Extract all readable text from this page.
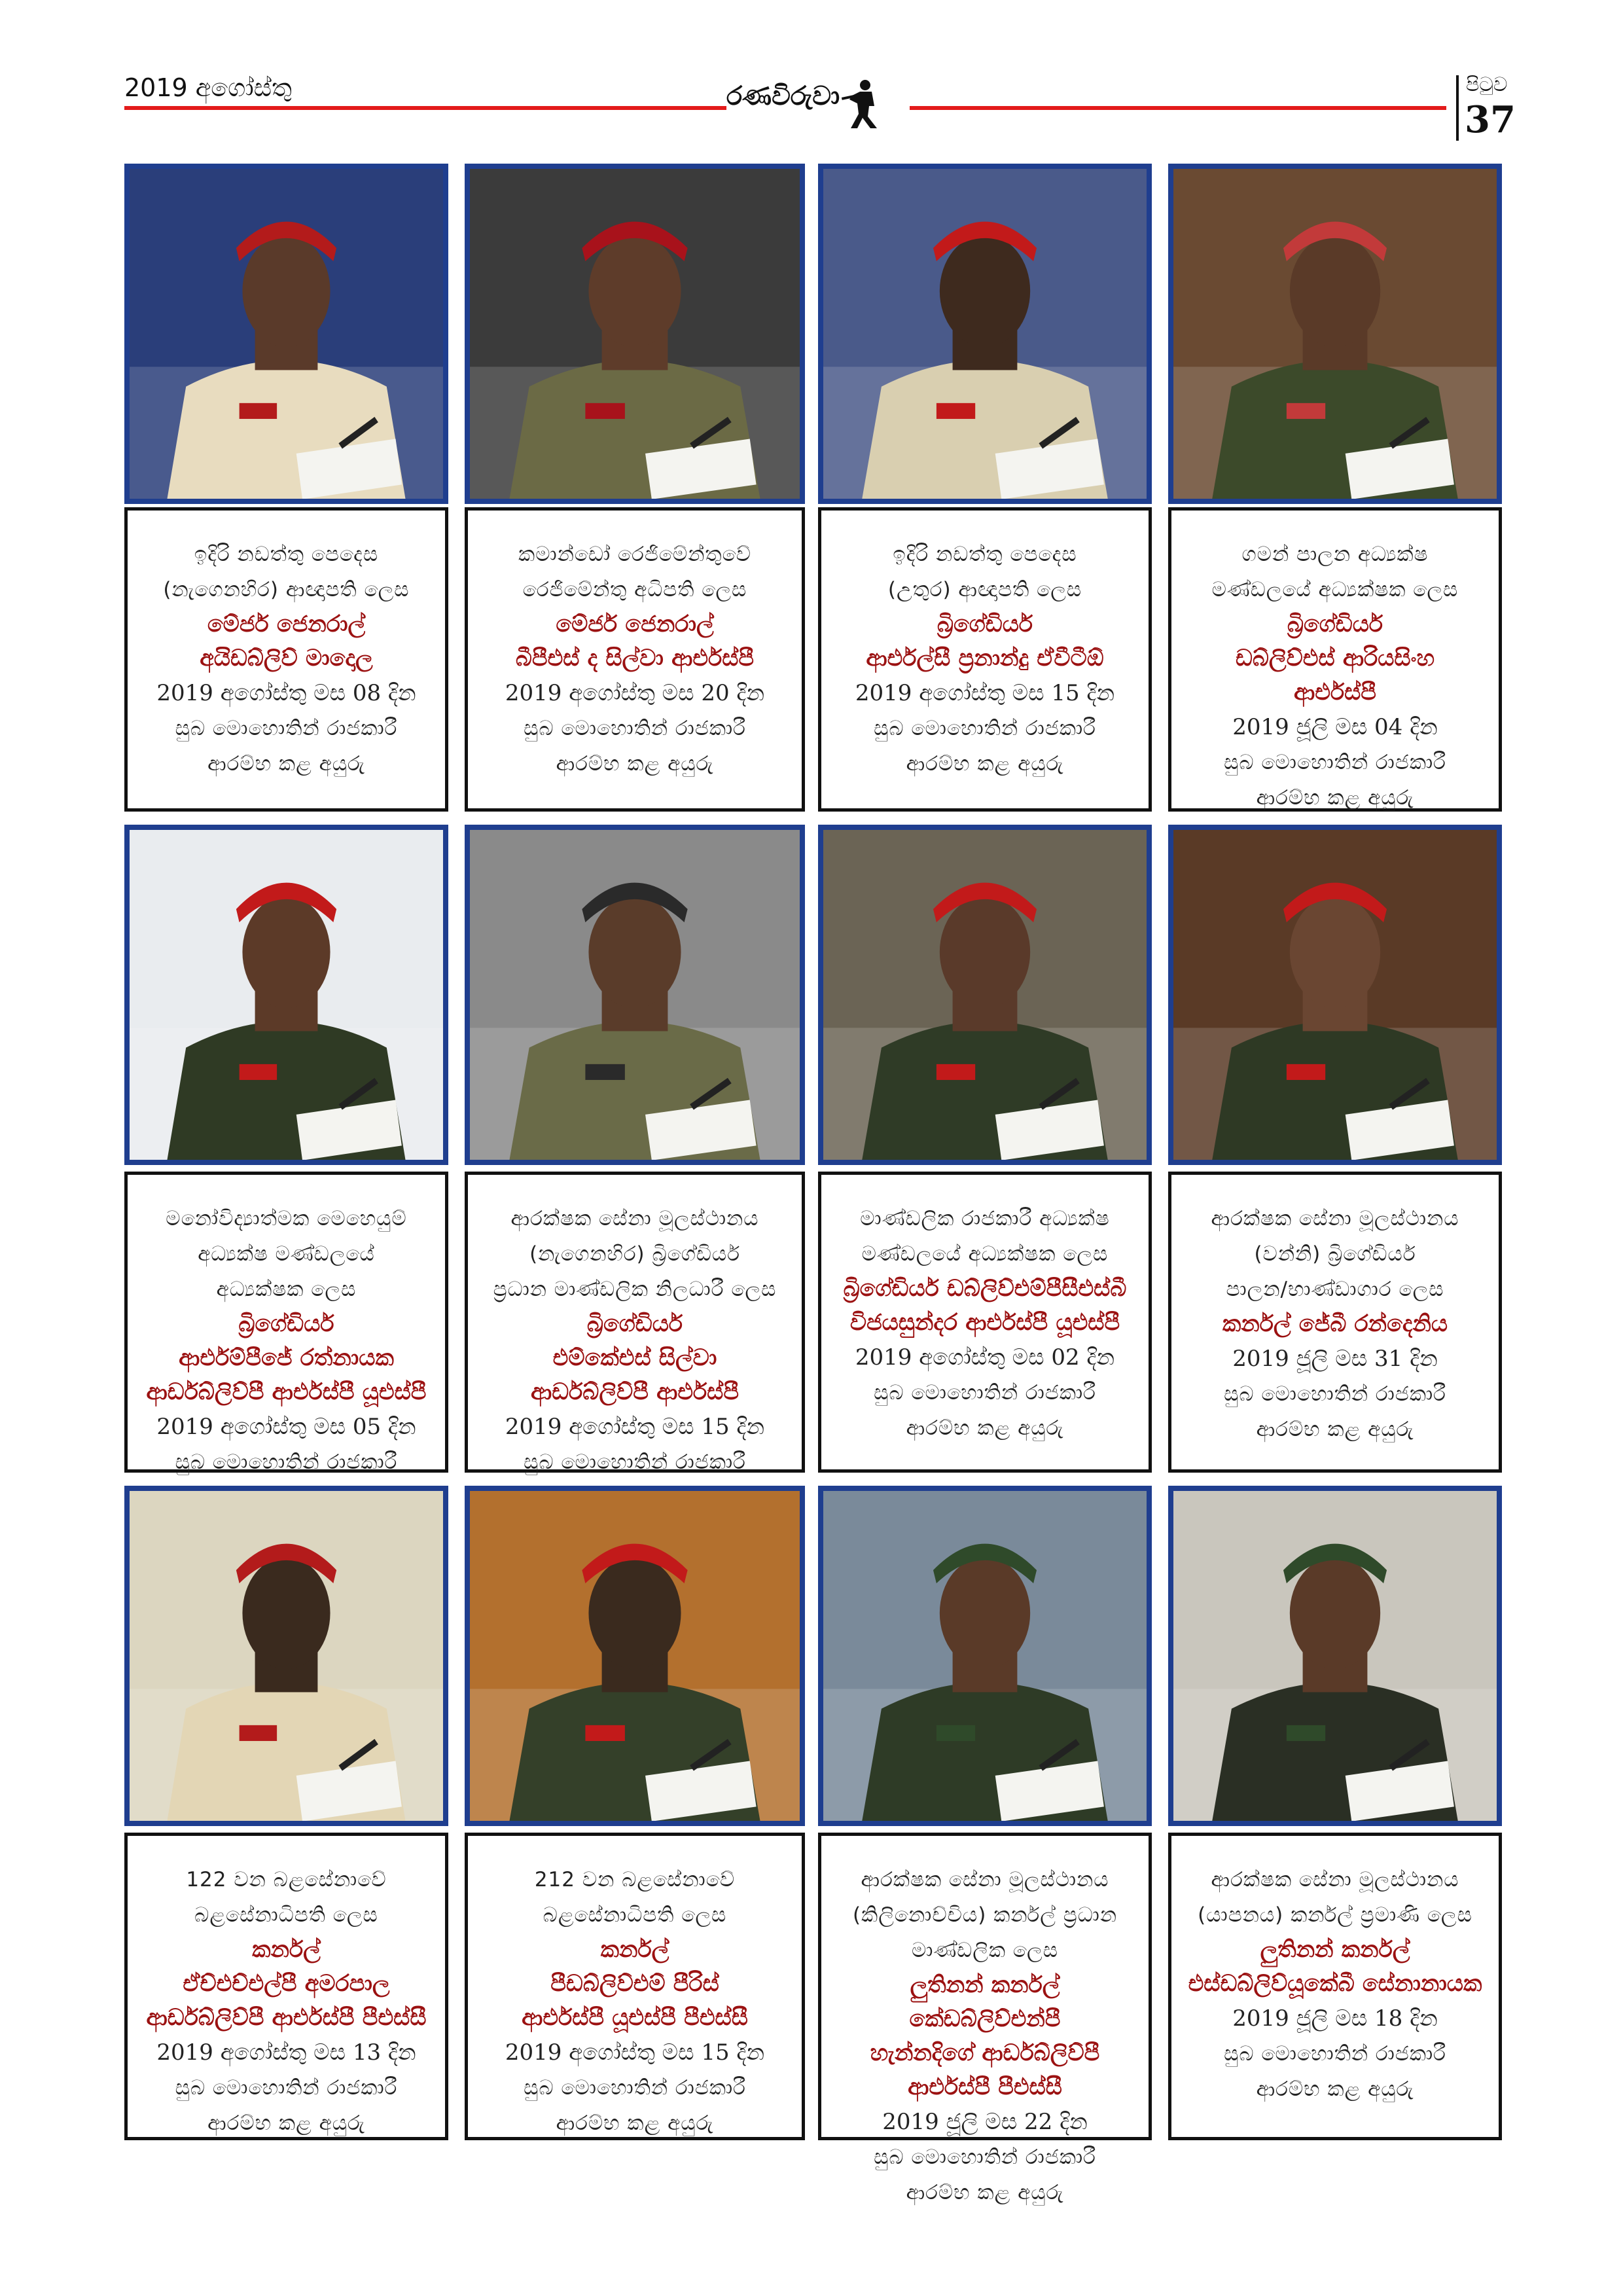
2019 අගෝස්තු	රණවිරුවා	පිටුව
37
ඉදිරි නඩත්තු පෙදෙස
(නැගෙනහිර) ආඥාපති ලෙස
මේජර් ජෙනරාල්
අයිඩබ්ලිව් මාදොල
2019 අගෝස්තු මස 08 දින
සුබ මොහොතින් රාජකාරී
ආරම්භ කළ අයුරු
කමාන්ඩෝ රෙජිමේන්තුවේ
රෙජිමේන්තු අධිපති ලෙස
මේජර් ජෙනරාල්
බීපීඑස් ද සිල්වා ආර්එස්පී
2019 අගෝස්තු මස 20 දින
සුබ මොහොතින් රාජකාරී
ආරම්භ කළ අයුරු
ඉදිරි නඩත්තු පෙදෙස
(උතුර) ආඥාපති ලෙස
බ්‍රිගේඩියර්
ආර්එල්සී ප්‍රනාන්දු ඒවීටීඕ
2019 අගෝස්තු මස 15 දින
සුබ මොහොතින් රාජකාරී
ආරම්භ කළ අයුරු
ගමන් පාලන අධ්‍යක්ෂ
මණ්ඩලයේ අධ්‍යක්ෂක ලෙස
බ්‍රිගේඩියර්
ඩබ්ලිව්එස් ආරියසිංහ
ආර්එස්පී
2019 ජූලි මස 04 දින
සුබ මොහොතින් රාජකාරී
ආරම්භ කළ අයුරු
මනෝවිද්‍යාත්මක මෙහෙයුම්
අධ්‍යක්ෂ මණ්ඩලයේ
අධ්‍යක්ෂක ලෙස
බ්‍රිගේඩියර්
ආර්එම්පීජේ රත්නායක
ආර්ඩබ්ලිව්පී ආර්එස්පී යූඑස්පී
2019 අගෝස්තු මස 05 දින
සුබ මොහොතින් රාජකාරී
ආරක්ෂක සේනා මූලස්ථානය
(නැගෙනහිර) බ්‍රිගේඩියර්
ප්‍රධාන මාණ්ඩලික නිලධාරී ලෙස
බ්‍රිගේඩියර්
එම්කේඑස් සිල්වා
ආර්ඩබ්ලිව්පී ආර්එස්පී
2019 අගෝස්තු මස 15 දින
සුබ මොහොතින් රාජකාරී
මාණ්ඩලික රාජකාරී අධ්‍යක්ෂ
මණ්ඩලයේ අධ්‍යක්ෂක ලෙස
බ්‍රිගේඩියර් ඩබ්ලිව්එම්පීසීඑස්බී
විජයසුන්දර ආර්එස්පී යූඑස්පී
2019 අගෝස්තු මස 02 දින
සුබ මොහොතින් රාජකාරී
ආරම්භ කළ අයුරු
ආරක්ෂක සේනා මූලස්ථානය
(වන්නි) බ්‍රිගේඩියර්
පාලන/භාණ්ඩාගාර ලෙස
කර්නල් ජේබී රන්දෙනිය
2019 ජූලි මස 31 දින
සුබ මොහොතින් රාජකාරී
ආරම්භ කළ අයුරු
122 වන බළසේනාවේ
බළසේනාධිපති ලෙස
කර්නල්
ඒච්එච්එල්පී අමරපාල
ආර්ඩබ්ලිව්පී ආර්එස්පී පීඑස්සී
2019 අගෝස්තු මස 13 දින
සුබ මොහොතින් රාජකාරී
ආරම්භ කළ අයුරු
212 වන බළසේනාවේ
බළසේනාධිපති ලෙස
කර්නල්
පීඩබ්ලිව්එම් පීරිස්
ආර්එස්පී යූඑස්පී පීඑස්සී
2019 අගෝස්තු මස 15 දින
සුබ මොහොතින් රාජකාරී
ආරම්භ කළ අයුරු
ආරක්ෂක සේනා මූලස්ථානය
(කිලිනොච්චිය) කර්නල් ප්‍රධාන
මාණ්ඩලික ලෙස
ලුතිනන් කර්නල් කේඩබ්ලිව්එන්පී
හැන්නදිගේ ආර්ඩබ්ලිව්පී
ආර්එස්පී පීඑස්සී
2019 ජූලි මස 22 දින
සුබ මොහොතින් රාජකාරී
ආරම්භ කළ අයුරු
ආරක්ෂක සේනා මූලස්ථානය
(යාපනය) කර්නල් ප්‍රමාණි ලෙස
ලුතිනන් කර්නල්
එස්ඩබ්ලිව්යූකේබී සේනානායක
2019 ජූලි මස 18 දින
සුබ මොහොතින් රාජකාරී
ආරම්භ කළ අයුරු
